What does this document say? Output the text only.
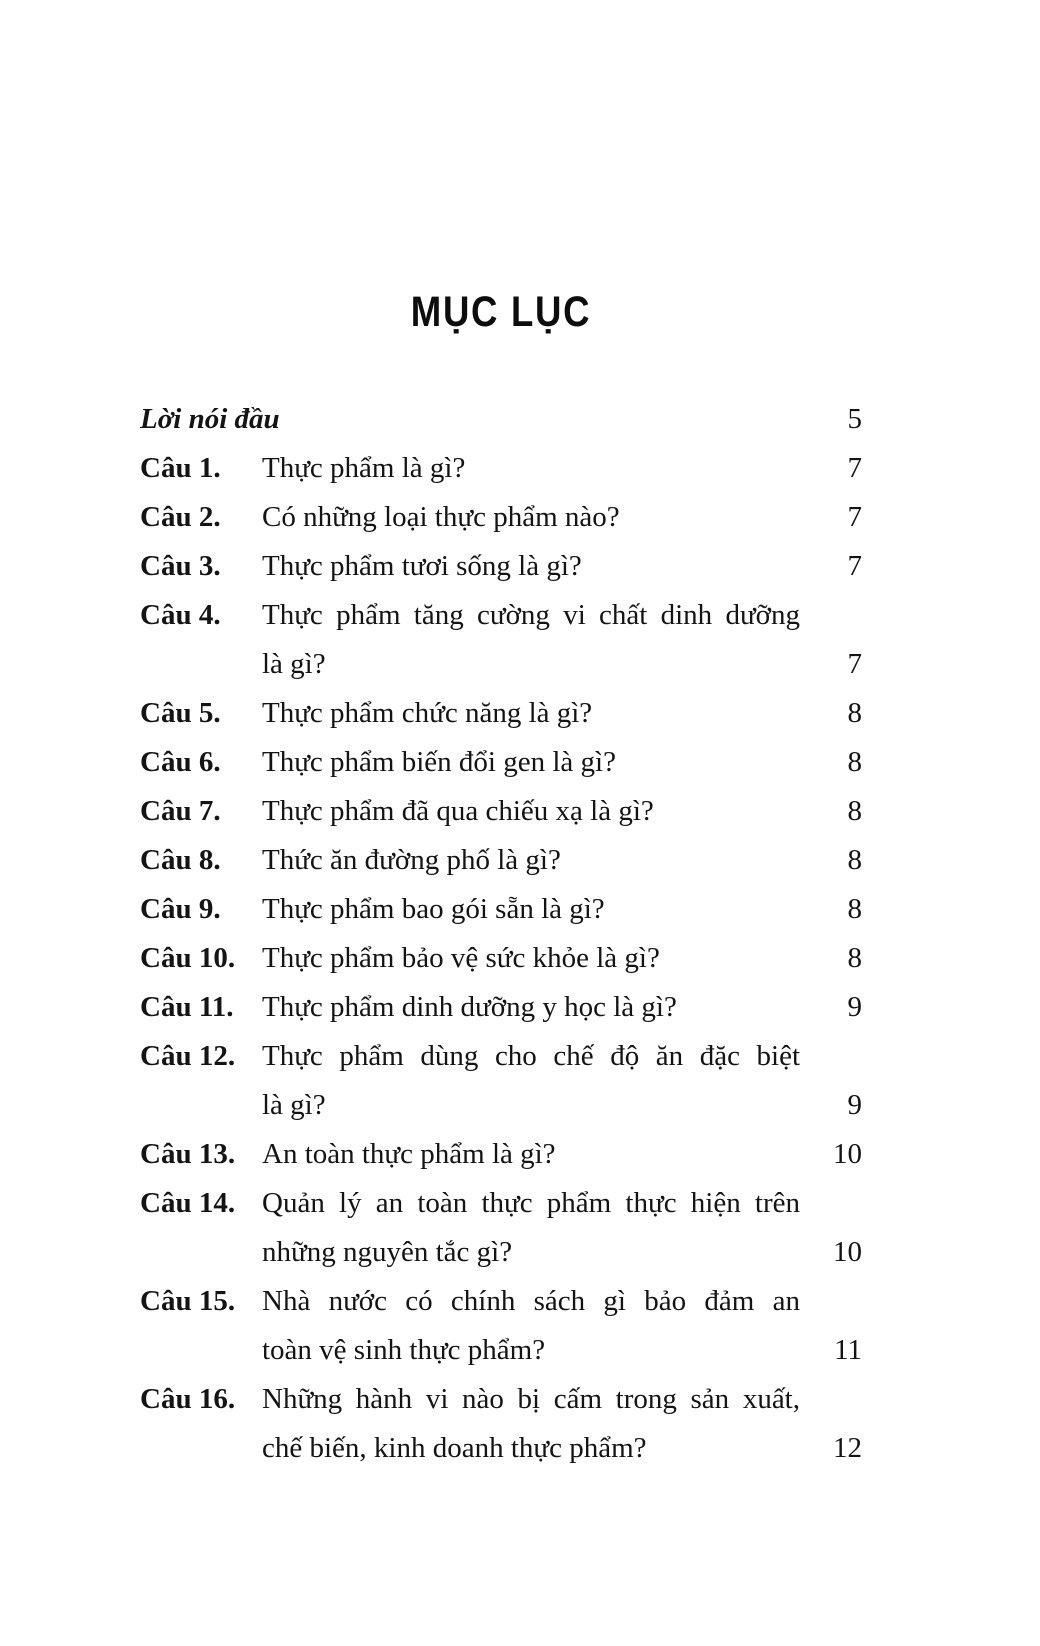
MỤC LỤC
Lời nói đầu	5
Câu 1.	Thực phẩm là gì?	7
Câu 2.	Có những loại thực phẩm nào?	7
Câu 3.	Thực phẩm tươi sống là gì?	7
Câu 4.	Thực phẩm tăng cường vi chất dinh dưỡng
là gì?	7
Câu 5.	Thực phẩm chức năng là gì?	8
Câu 6.	Thực phẩm biến đổi gen là gì?	8
Câu 7.	Thực phẩm đã qua chiếu xạ là gì?	8
Câu 8.	Thức ăn đường phố là gì?	8
Câu 9.	Thực phẩm bao gói sẵn là gì?	8
Câu 10. Thực phẩm bảo vệ sức khỏe là gì?	8
Câu 11. Thực phẩm dinh dưỡng y học là gì?	9
Câu 12. Thực phẩm dùng cho chế độ ăn đặc biệt
là gì?	9
Câu 13. An toàn thực phẩm là gì?	10
Câu 14. Quản lý an toàn thực phẩm thực hiện trên
những nguyên tắc gì?	10
Câu 15. Nhà nước có chính sách gì bảo đảm an
toàn vệ sinh thực phẩm?	11
Câu 16. Những hành vi nào bị cấm trong sản xuất,
chế biến, kinh doanh thực phẩm?	12
